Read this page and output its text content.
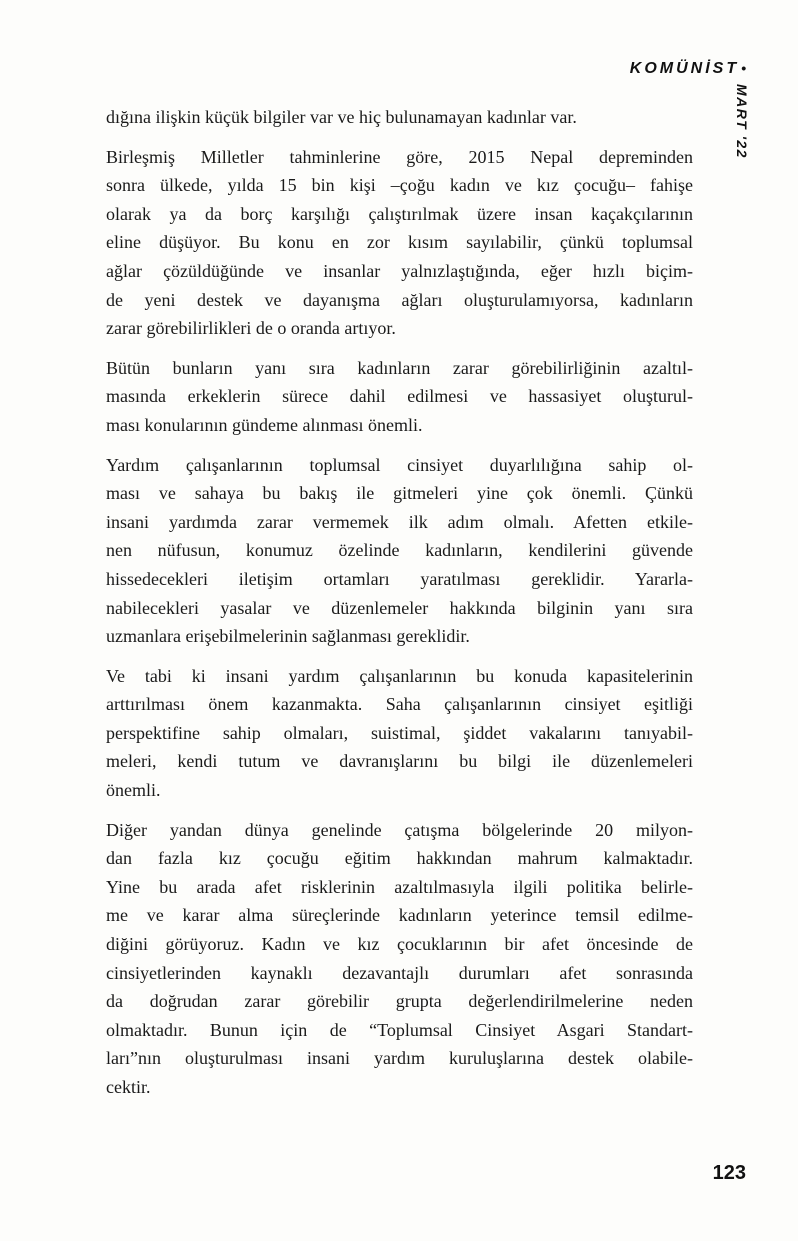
KOMÜNİST •
MART '22

dığına ilişkin küçük bilgiler var ve hiç bulunamayan kadınlar var.

Birleşmiş Milletler tahminlerine göre, 2015 Nepal depreminden
sonra ülkede, yılda 15 bin kişi –çoğu kadın ve kız çocuğu– fahişe
olarak ya da borç karşılığı çalıştırılmak üzere insan kaçakçılarının
eline düşüyor. Bu konu en zor kısım sayılabilir, çünkü toplumsal
ağlar çözüldüğünde ve insanlar yalnızlaştığında, eğer hızlı biçim-
de yeni destek ve dayanışma ağları oluşturulamıyorsa, kadınların
zarar görebilirlikleri de o oranda artıyor.

Bütün bunların yanı sıra kadınların zarar görebilirliğinin azaltıl-
masında erkeklerin sürece dahil edilmesi ve hassasiyet oluşturul-
ması konularının gündeme alınması önemli.

Yardım çalışanlarının toplumsal cinsiyet duyarlılığına sahip ol-
ması ve sahaya bu bakış ile gitmeleri yine çok önemli. Çünkü
insani yardımda zarar vermemek ilk adım olmalı. Afetten etkile-
nen nüfusun, konumuz özelinde kadınların, kendilerini güvende
hissedecekleri iletişim ortamları yaratılması gereklidir. Yararla-
nabilecekleri yasalar ve düzenlemeler hakkında bilginin yanı sıra
uzmanlara erişebilmelerinin sağlanması gereklidir.

Ve tabi ki insani yardım çalışanlarının bu konuda kapasitelerinin
arttırılması önem kazanmakta. Saha çalışanlarının cinsiyet eşitliği
perspektifine sahip olmaları, suistimal, şiddet vakalarını tanıyabil-
meleri, kendi tutum ve davranışlarını bu bilgi ile düzenlemeleri
önemli.

Diğer yandan dünya genelinde çatışma bölgelerinde 20 milyon-
dan fazla kız çocuğu eğitim hakkından mahrum kalmaktadır.
Yine bu arada afet risklerinin azaltılmasıyla ilgili politika belirle-
me ve karar alma süreçlerinde kadınların yeterince temsil edilme-
diğini görüyoruz. Kadın ve kız çocuklarının bir afet öncesinde de
cinsiyetlerinden kaynaklı dezavantajlı durumları afet sonrasında
da doğrudan zarar görebilir grupta değerlendirilmelerine neden
olmaktadır. Bunun için de “Toplumsal Cinsiyet Asgari Standart-
ları”nın oluşturulması insani yardım kuruluşlarına destek olabile-
cektir.

123
